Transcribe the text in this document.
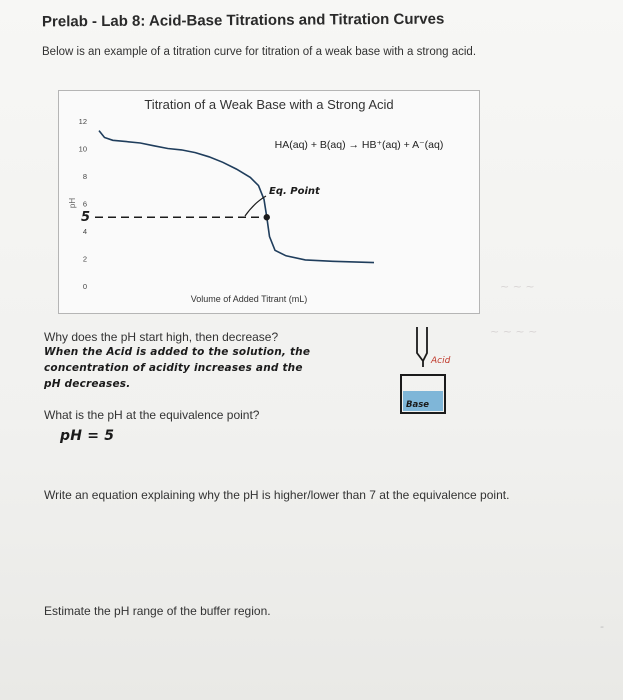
Prelab - Lab 8: Acid-Base Titrations and Titration Curves
Below is an example of a titration curve for titration of a weak base with a strong acid.
Titration of a Weak Base with a Strong Acid
HA(aq) + B(aq) → HB⁺(aq) + A⁻(aq)
Volume of Added Titrant (mL)
pH
5
0
2
4
6
8
10
12
Eq. Point
Why does the pH start high, then decrease?
When the Acid is added to the solution, the
concentration of acidity increases and the
pH decreases.
What is the pH at the equivalence point?
pH = 5
Write an equation explaining why the pH is higher/lower than 7 at the equivalence point.
Estimate the pH range of the buffer region.
Acid
Base
~ ~ ~
~ ~ ~ ~
-
